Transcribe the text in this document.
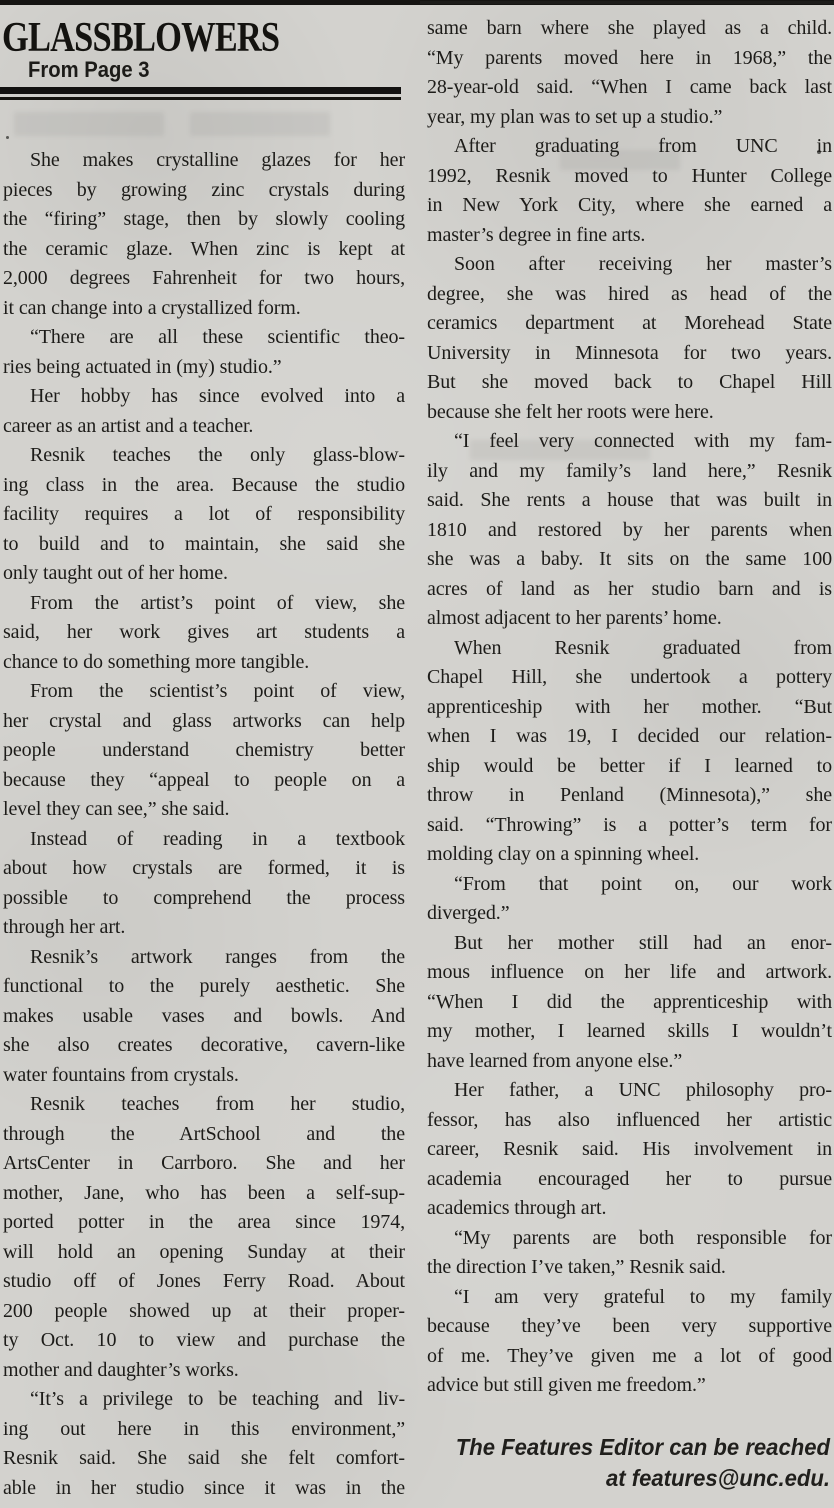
GLASSBLOWERS
From Page 3
She makes crystalline glazes for her
pieces by growing zinc crystals during
the “firing” stage, then by slowly cooling
the ceramic glaze. When zinc is kept at
2,000 degrees Fahrenheit for two hours,
it can change into a crystallized form.
“There are all these scientific theo-
ries being actuated in (my) studio.”
Her hobby has since evolved into a
career as an artist and a teacher.
Resnik teaches the only glass-blow-
ing class in the area. Because the studio
facility requires a lot of responsibility
to build and to maintain, she said she
only taught out of her home.
From the artist’s point of view, she
said, her work gives art students a
chance to do something more tangible.
From the scientist’s point of view,
her crystal and glass artworks can help
people understand chemistry better
because they “appeal to people on a
level they can see,” she said.
Instead of reading in a textbook
about how crystals are formed, it is
possible to comprehend the process
through her art.
Resnik’s artwork ranges from the
functional to the purely aesthetic. She
makes usable vases and bowls. And
she also creates decorative, cavern-like
water fountains from crystals.
Resnik teaches from her studio,
through the ArtSchool and the
ArtsCenter in Carrboro. She and her
mother, Jane, who has been a self-sup-
ported potter in the area since 1974,
will hold an opening Sunday at their
studio off of Jones Ferry Road. About
200 people showed up at their proper-
ty Oct. 10 to view and purchase the
mother and daughter’s works.
“It’s a privilege to be teaching and liv-
ing out here in this environment,”
Resnik said. She said she felt comfort-
able in her studio since it was in the
same barn where she played as a child.
“My parents moved here in 1968,” the
28-year-old said. “When I came back last
year, my plan was to set up a studio.”
After graduating from UNC in
1992, Resnik moved to Hunter College
in New York City, where she earned a
master’s degree in fine arts.
Soon after receiving her master’s
degree, she was hired as head of the
ceramics department at Morehead State
University in Minnesota for two years.
But she moved back to Chapel Hill
because she felt her roots were here.
“I feel very connected with my fam-
ily and my family’s land here,” Resnik
said. She rents a house that was built in
1810 and restored by her parents when
she was a baby. It sits on the same 100
acres of land as her studio barn and is
almost adjacent to her parents’ home.
When Resnik graduated from
Chapel Hill, she undertook a pottery
apprenticeship with her mother. “But
when I was 19, I decided our relation-
ship would be better if I learned to
throw in Penland (Minnesota),” she
said. “Throwing” is a potter’s term for
molding clay on a spinning wheel.
“From that point on, our work
diverged.”
But her mother still had an enor-
mous influence on her life and artwork.
“When I did the apprenticeship with
my mother, I learned skills I wouldn’t
have learned from anyone else.”
Her father, a UNC philosophy pro-
fessor, has also influenced her artistic
career, Resnik said. His involvement in
academia encouraged her to pursue
academics through art.
“My parents are both responsible for
the direction I’ve taken,” Resnik said.
“I am very grateful to my family
because they’ve been very supportive
of me. They’ve given me a lot of good
advice but still given me freedom.”
The Features Editor can be reached
at features@unc.edu.
